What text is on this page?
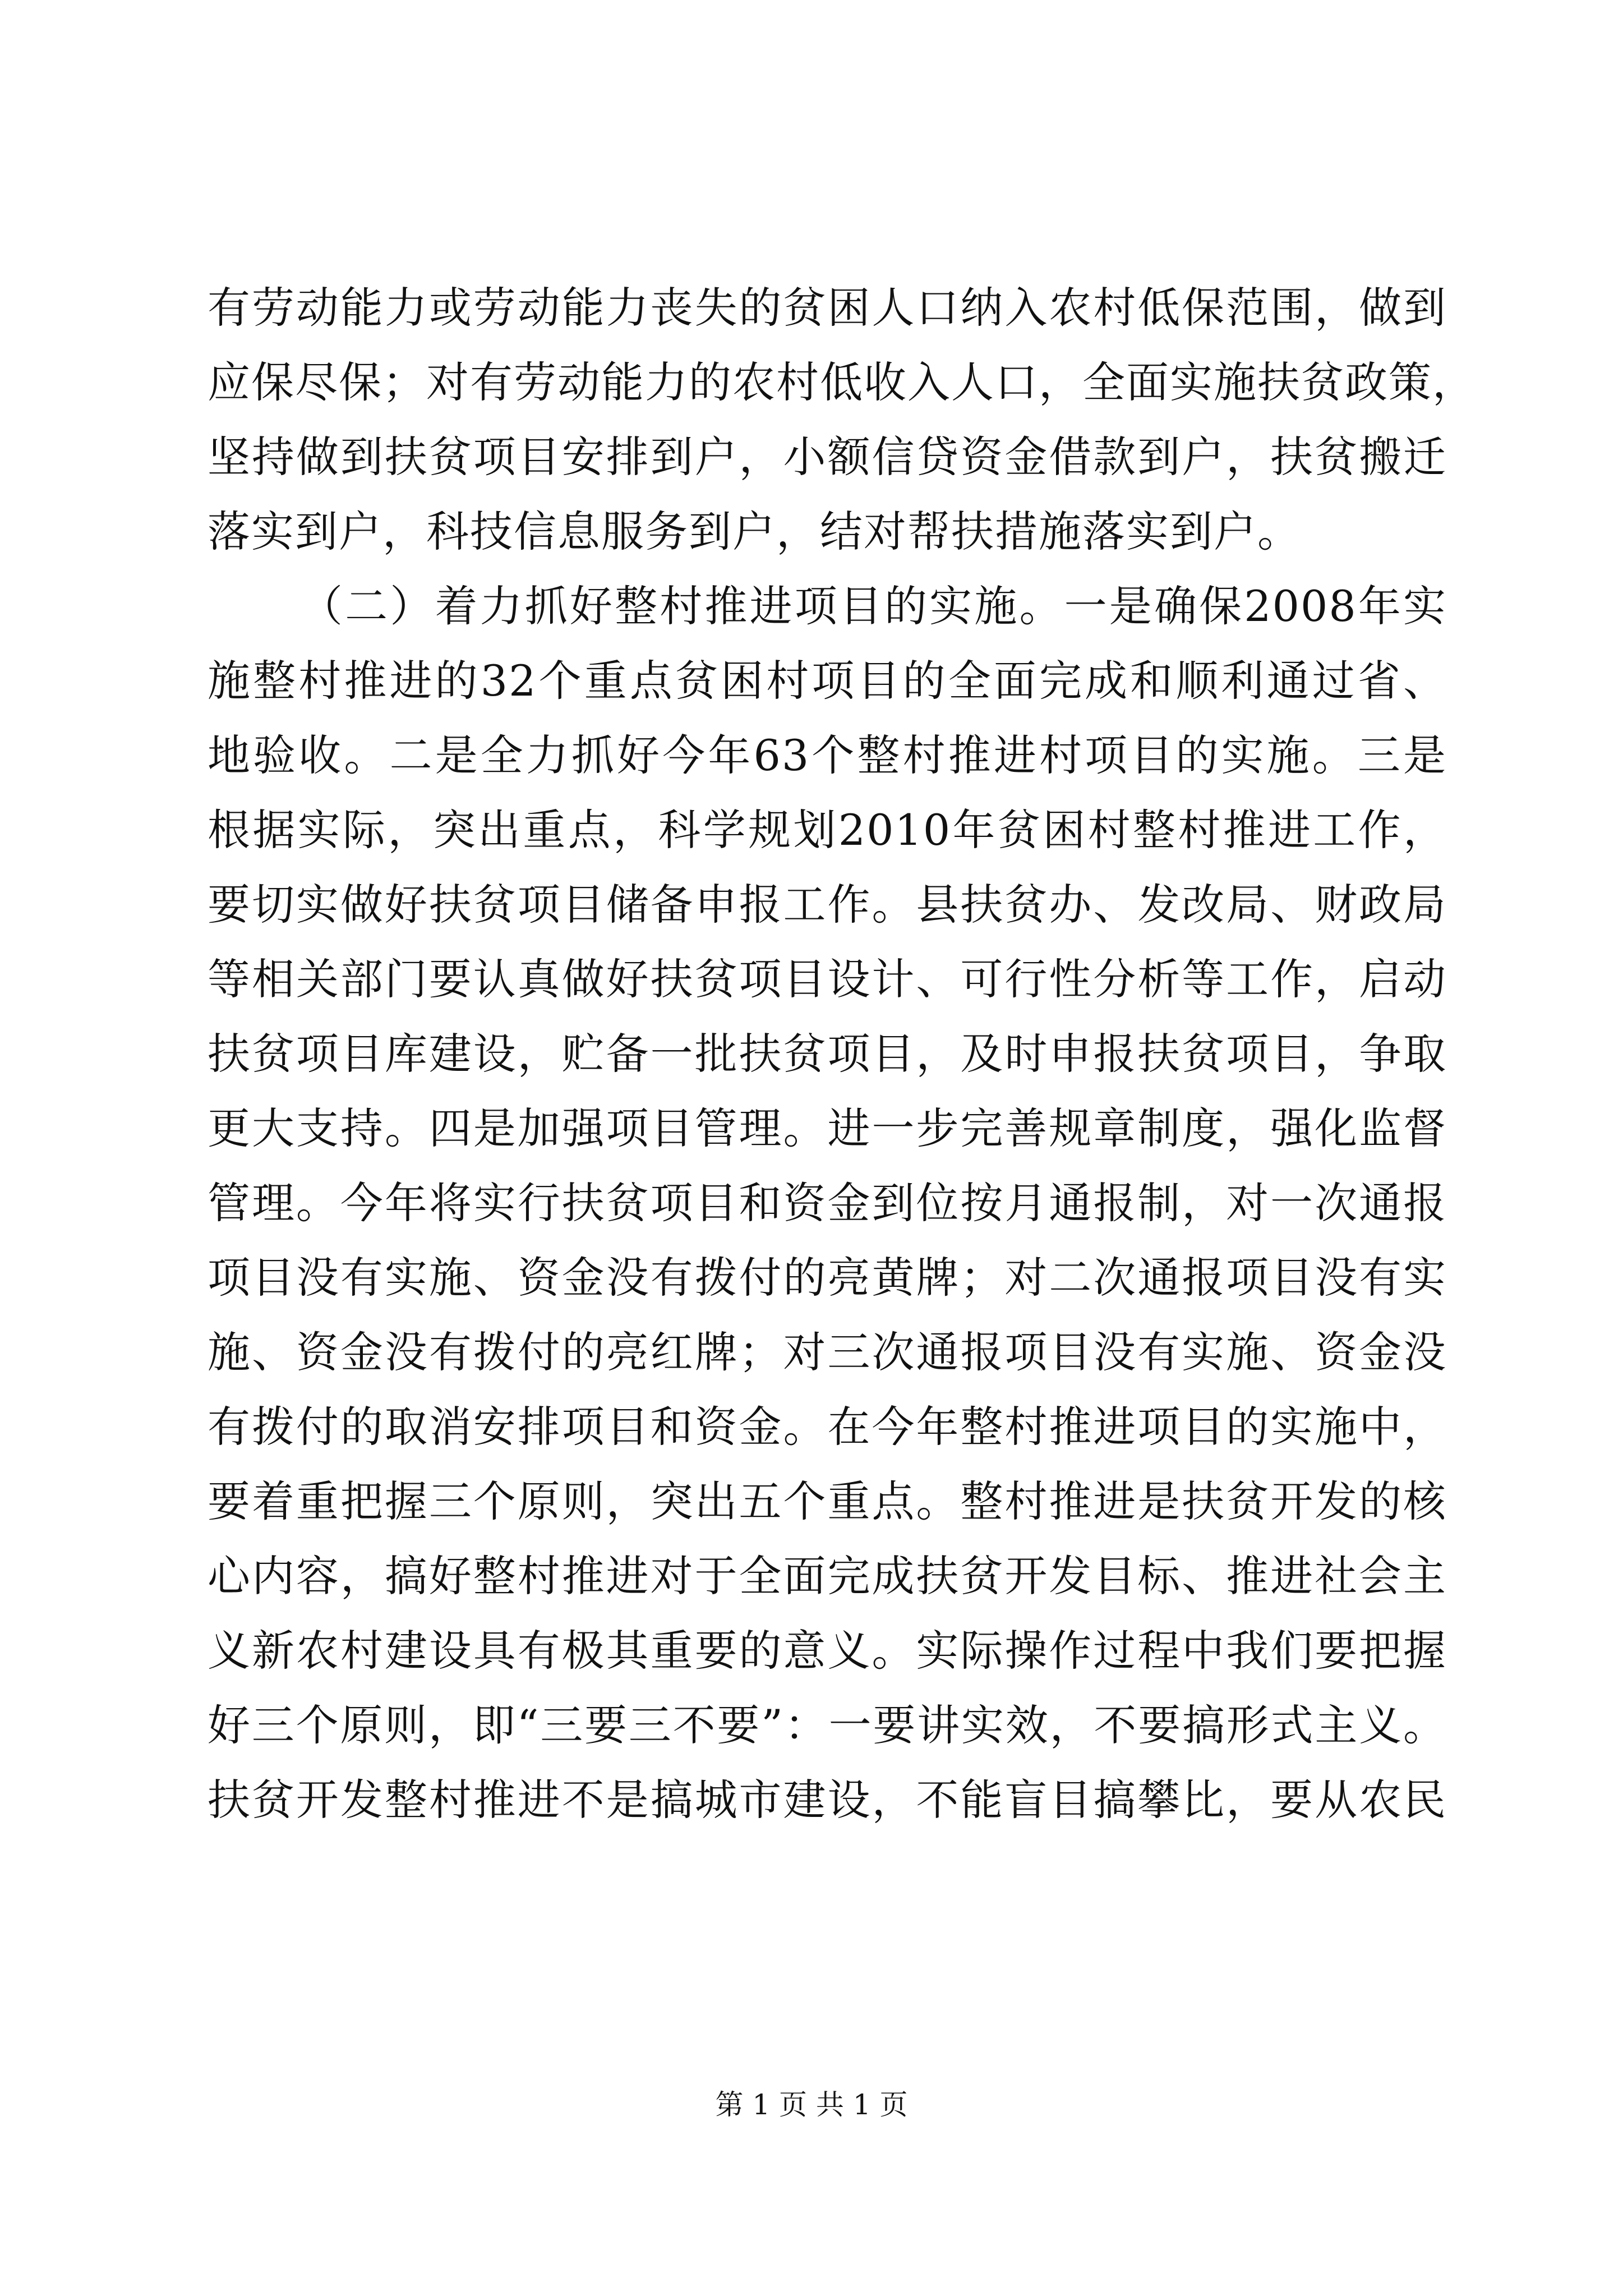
有劳动能力或劳动能力丧失的贫困人口纳入农村低保范围，做到
应保尽保；对有劳动能力的农村低收入人口，全面实施扶贫政策，
坚持做到扶贫项目安排到户，小额信贷资金借款到户，扶贫搬迁
落实到户，科技信息服务到户，结对帮扶措施落实到户。
（二）着力抓好整村推进项目的实施。一是确保2008年实
施整村推进的32个重点贫困村项目的全面完成和顺利通过省、
地验收。二是全力抓好今年63个整村推进村项目的实施。三是
根据实际，突出重点，科学规划2010年贫困村整村推进工作，
要切实做好扶贫项目储备申报工作。县扶贫办、发改局、财政局
等相关部门要认真做好扶贫项目设计、可行性分析等工作，启动
扶贫项目库建设，贮备一批扶贫项目，及时申报扶贫项目，争取
更大支持。四是加强项目管理。进一步完善规章制度，强化监督
管理。今年将实行扶贫项目和资金到位按月通报制，对一次通报
项目没有实施、资金没有拨付的亮黄牌；对二次通报项目没有实
施、资金没有拨付的亮红牌；对三次通报项目没有实施、资金没
有拨付的取消安排项目和资金。在今年整村推进项目的实施中，
要着重把握三个原则，突出五个重点。整村推进是扶贫开发的核
心内容，搞好整村推进对于全面完成扶贫开发目标、推进社会主
义新农村建设具有极其重要的意义。实际操作过程中我们要把握
好三个原则，即“三要三不要”：一要讲实效，不要搞形式主义。
扶贫开发整村推进不是搞城市建设，不能盲目搞攀比，要从农民
第 1 页 共 1 页
